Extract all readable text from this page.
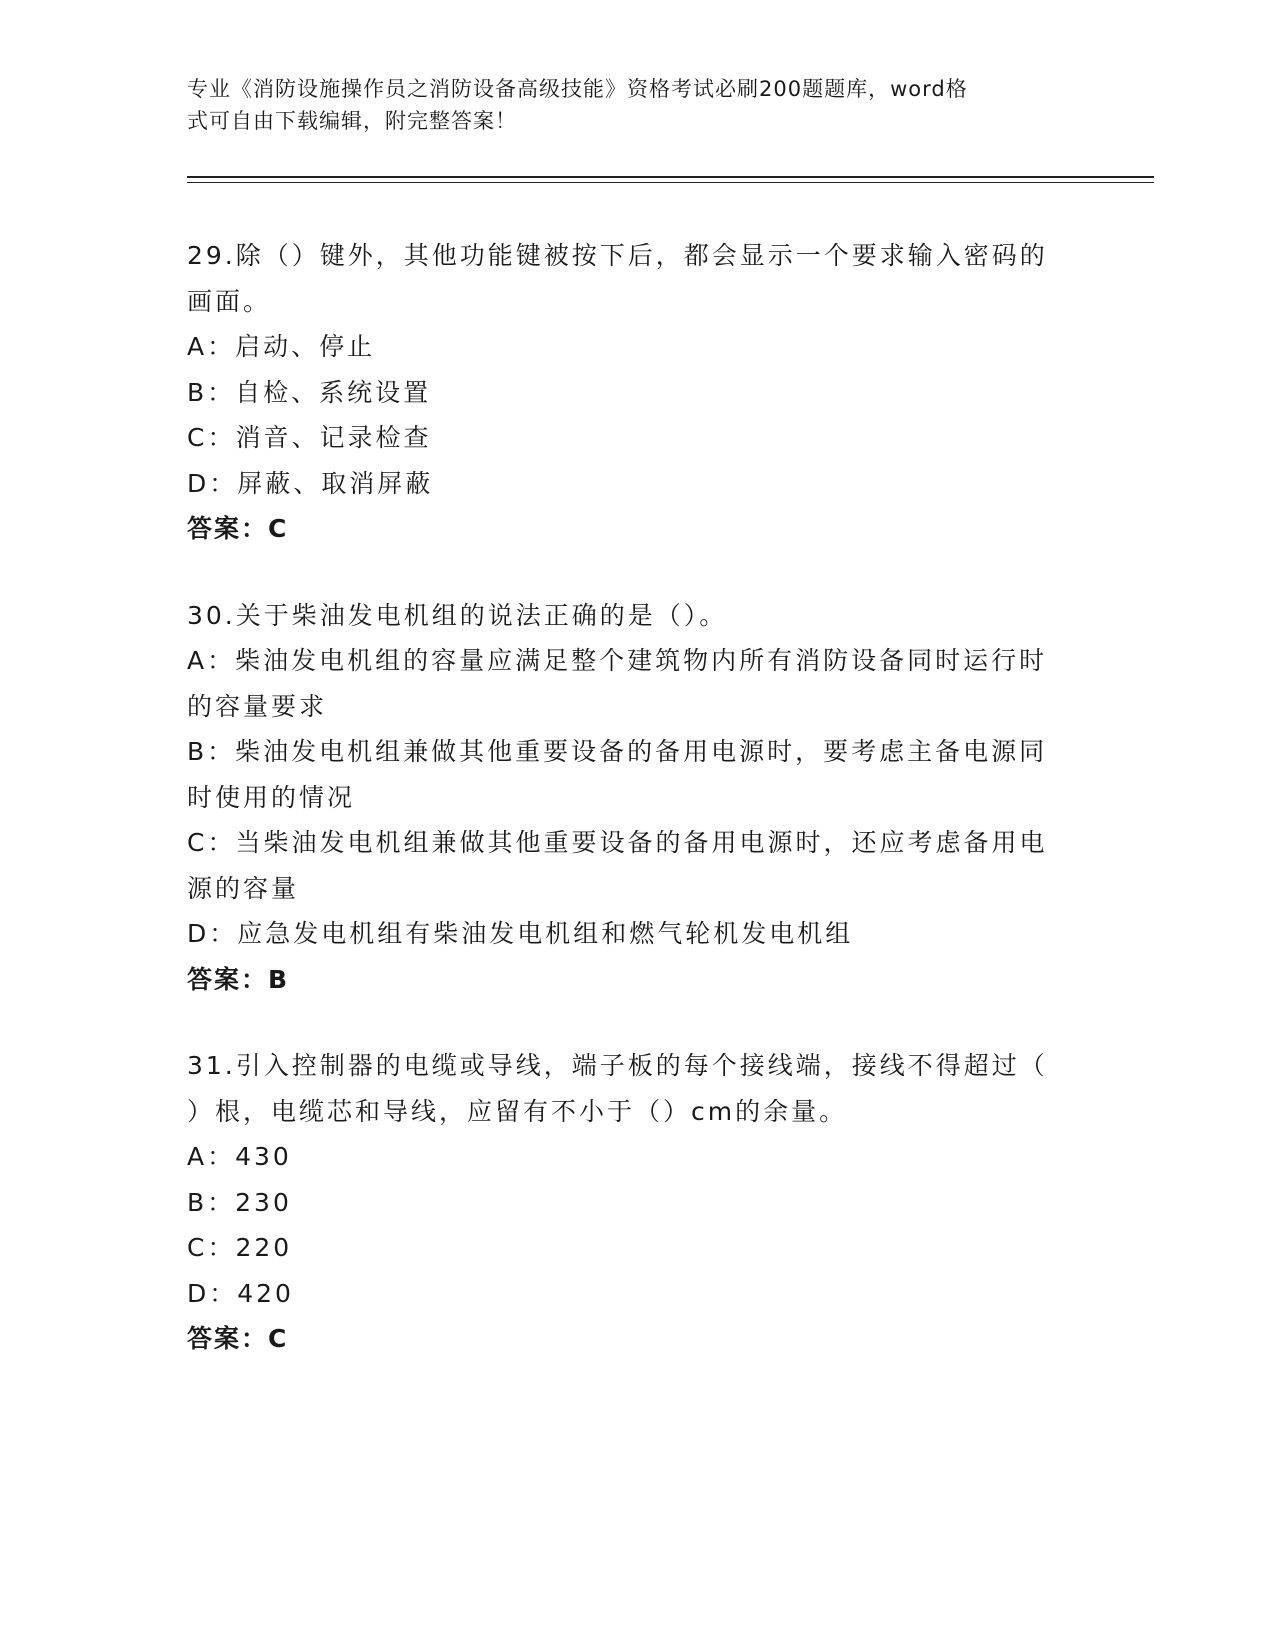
专业《消防设施操作员之消防设备高级技能》资格考试必刷200题题库，word格
式可自由下载编辑，附完整答案！
29.除（）键外，其他功能键被按下后，都会显示一个要求输入密码的
画面。
A：启动、停止
B：自检、系统设置
C：消音、记录检查
D：屏蔽、取消屏蔽
答案：C
30.关于柴油发电机组的说法正确的是（）。
A：柴油发电机组的容量应满足整个建筑物内所有消防设备同时运行时
的容量要求
B：柴油发电机组兼做其他重要设备的备用电源时，要考虑主备电源同
时使用的情况
C：当柴油发电机组兼做其他重要设备的备用电源时，还应考虑备用电
源的容量
D：应急发电机组有柴油发电机组和燃气轮机发电机组
答案：B
31.引入控制器的电缆或导线，端子板的每个接线端，接线不得超过（
）根，电缆芯和导线，应留有不小于（）cm的余量。
A：430
B：230
C：220
D：420
答案：C
